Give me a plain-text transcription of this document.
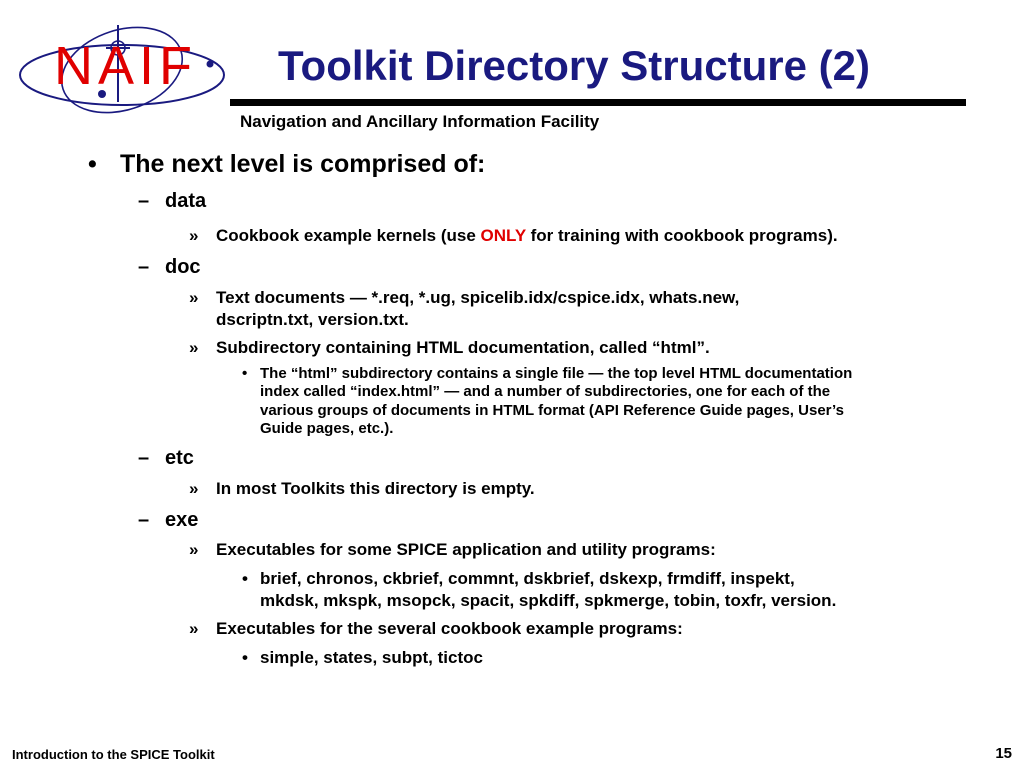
NAIF Toolkit Directory Structure (2)
Navigation and Ancillary Information Facility
• The next level is comprised of:
– data
» Cookbook example kernels (use ONLY for training with cookbook programs).
– doc
» Text documents — *.req, *.ug, spicelib.idx/cspice.idx, whats.new,
dscriptn.txt, version.txt.
» Subdirectory containing HTML documentation, called “html”.
• The “html” subdirectory contains a single file — the top level HTML documentation
index called “index.html” — and a number of subdirectories, one for each of the
various groups of documents in HTML format (API Reference Guide pages, User’s
Guide pages, etc.).
– etc
» In most Toolkits this directory is empty.
– exe
» Executables for some SPICE application and utility programs:
• brief, chronos, ckbrief, commnt, dskbrief, dskexp, frmdiff, inspekt,
mkdsk, mkspk, msopck, spacit, spkdiff, spkmerge, tobin, toxfr, version.
» Executables for the several cookbook example programs:
• simple, states, subpt, tictoc
Introduction to the SPICE Toolkit	15
